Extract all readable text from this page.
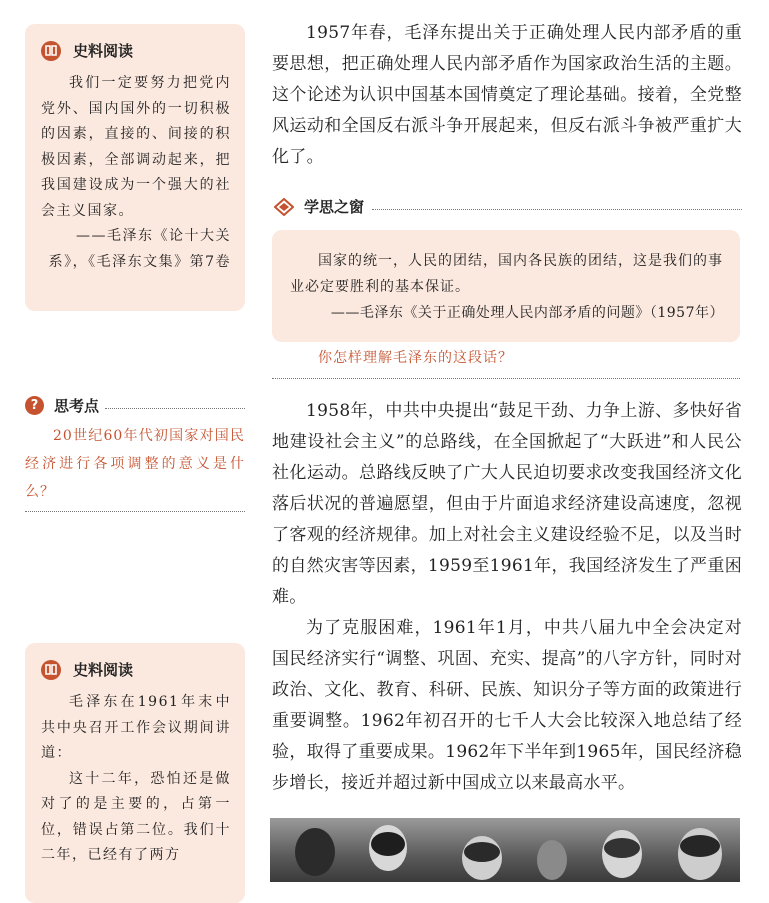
史料阅读
我们一定要努力把党内党外、国内国外的一切积极的因素，直接的、间接的积极因素，全部调动起来，把我国建设成为一个强大的社会主义国家。
——毛泽东《论十大关系》，《毛泽东文集》第7卷
?	思考点
20世纪60年代初国家对国民经济进行各项调整的意义是什么？
史料阅读
毛泽东在1961年末中共中央召开工作会议期间讲道：
这十二年，恐怕还是做对了的是主要的，占第一位，错误占第二位。我们十二年，已经有了两方

1957年春，毛泽东提出关于正确处理人民内部矛盾的重要思想，把正确处理人民内部矛盾作为国家政治生活的主题。这个论述为认识中国基本国情奠定了理论基础。接着，全党整风运动和全国反右派斗争开展起来，但反右派斗争被严重扩大化了。

学思之窗

国家的统一，人民的团结，国内各民族的团结，这是我们的事业必定要胜利的基本保证。

——毛泽东《关于正确处理人民内部矛盾的问题》（1957年）

你怎样理解毛泽东的这段话？

1958年，中共中央提出“鼓足干劲、力争上游、多快好省地建设社会主义”的总路线，在全国掀起了“大跃进”和人民公社化运动。总路线反映了广大人民迫切要求改变我国经济文化落后状况的普遍愿望，但由于片面追求经济建设高速度，忽视了客观的经济规律。加上对社会主义建设经验不足，以及当时的自然灾害等因素，1959至1961年，我国经济发生了严重困难。

为了克服困难，1961年1月，中共八届九中全会决定对国民经济实行“调整、巩固、充实、提高”的八字方针，同时对政治、文化、教育、科研、民族、知识分子等方面的政策进行重要调整。1962年初召开的七千人大会比较深入地总结了经验，取得了重要成果。1962年下半年到1965年，国民经济稳步增长，接近并超过新中国成立以来最高水平。
